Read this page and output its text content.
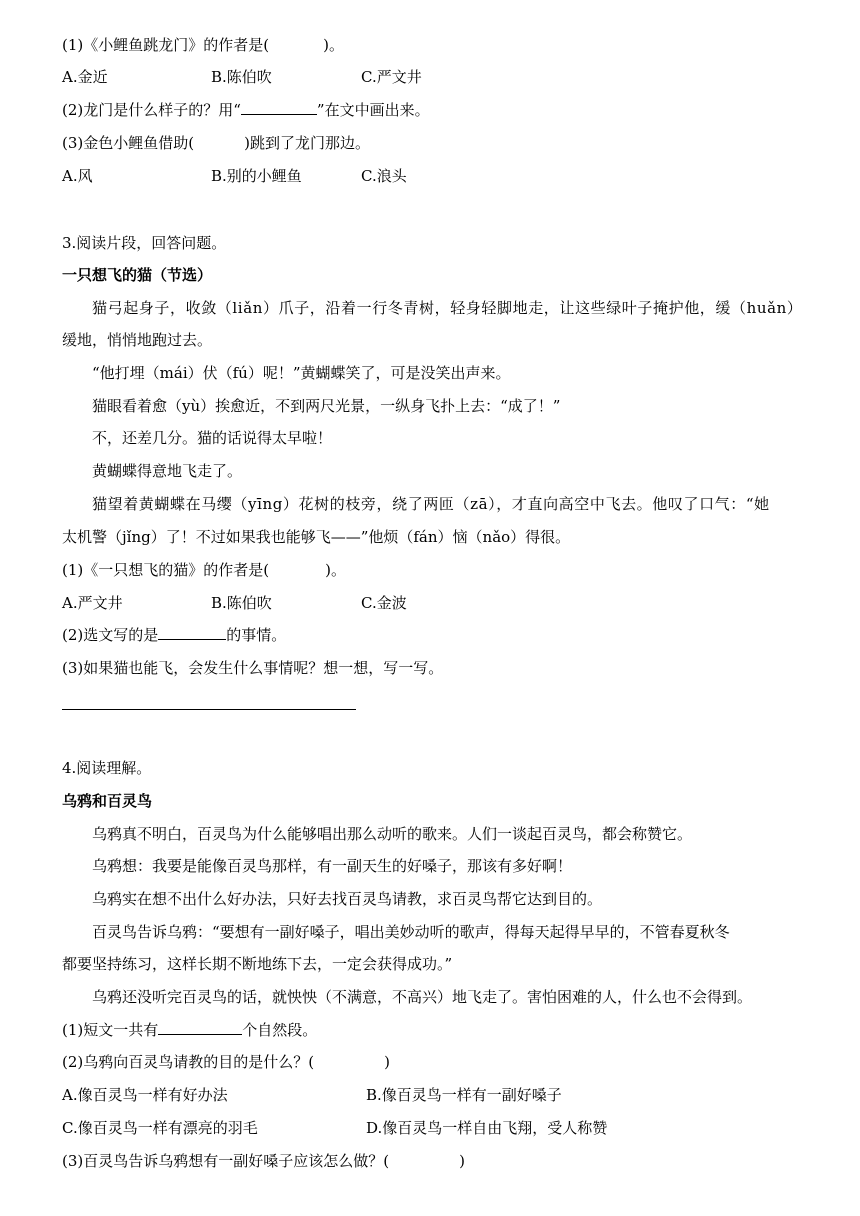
(1)《小鲤鱼跳龙门》的作者是(	)。
A.金近	B.陈伯吹	C.严文井
(2)龙门是什么样子的？用“	”在文中画出来。
(3)金色小鲤鱼借助(	)跳到了龙门那边。
A.风	B.别的小鲤鱼	C.浪头
3.阅读片段，回答问题。
一只想飞的猫（节选）
猫弓起身子，收敛（liǎn）爪子，沿着一行冬青树，轻身轻脚地走，让这些绿叶子掩护他，缓（huǎn）
缓地，悄悄地跑过去。
“他打埋（mái）伏（fú）呢！”黄蝴蝶笑了，可是没笑出声来。
猫眼看着愈（yù）挨愈近，不到两尺光景，一纵身飞扑上去：“成了！”
不，还差几分。猫的话说得太早啦！
黄蝴蝶得意地飞走了。
猫望着黄蝴蝶在马缨（yīng）花树的枝旁，绕了两匝（zā），才直向高空中飞去。他叹了口气：“她
太机警（jǐng）了！不过如果我也能够飞——”他烦（fán）恼（nǎo）得很。
(1)《一只想飞的猫》的作者是(	)。
A.严文井	B.陈伯吹	C.金波
(2)选文写的是	的事情。
(3)如果猫也能飞，会发生什么事情呢？想一想，写一写。
4.阅读理解。
乌鸦和百灵鸟
乌鸦真不明白，百灵鸟为什么能够唱出那么动听的歌来。人们一谈起百灵鸟，都会称赞它。
乌鸦想：我要是能像百灵鸟那样，有一副天生的好嗓子，那该有多好啊！
乌鸦实在想不出什么好办法，只好去找百灵鸟请教，求百灵鸟帮它达到目的。
百灵鸟告诉乌鸦：“要想有一副好嗓子，唱出美妙动听的歌声，得每天起得早早的，不管春夏秋冬
都要坚持练习，这样长期不断地练下去，一定会获得成功。”
乌鸦还没听完百灵鸟的话，就怏怏（不满意，不高兴）地飞走了。害怕困难的人，什么也不会得到。
(1)短文一共有	个自然段。
(2)乌鸦向百灵鸟请教的目的是什么？(	)
A.像百灵鸟一样有好办法	B.像百灵鸟一样有一副好嗓子
C.像百灵鸟一样有漂亮的羽毛	D.像百灵鸟一样自由飞翔，受人称赞
(3)百灵鸟告诉乌鸦想有一副好嗓子应该怎么做？(	)
